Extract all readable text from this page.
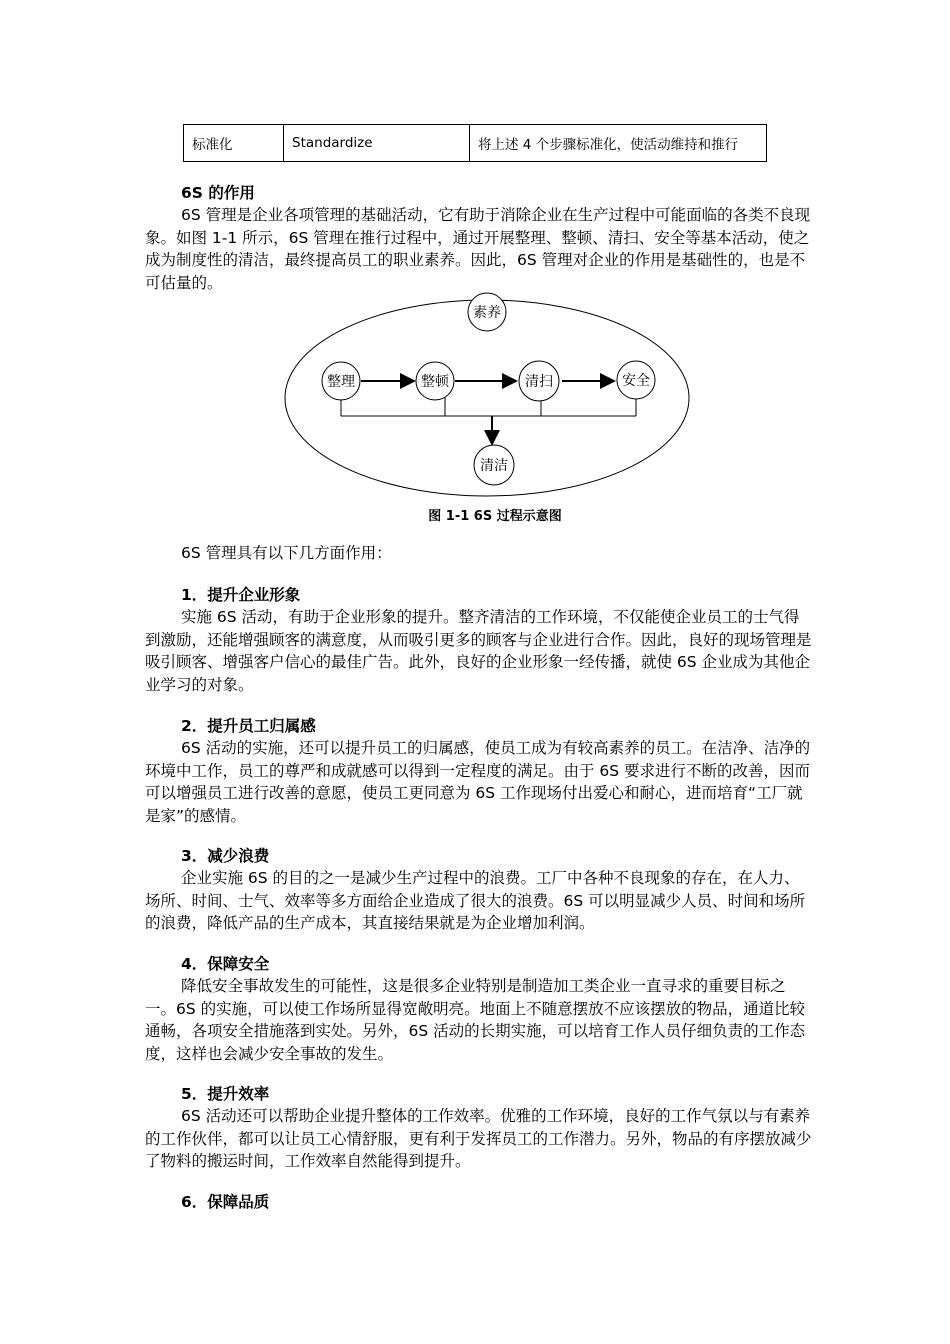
标准化	Standardize	将上述 4 个步骤标准化，使活动维持和推行
6S 的作用

6S 管理是企业各项管理的基础活动，它有助于消除企业在生产过程中可能面临的各类不良现象。如图 1-1 所示，6S 管理在推行过程中，通过开展整理、整顿、清扫、安全等基本活动，使之成为制度性的清洁，最终提高员工的职业素养。因此，6S 管理对企业的作用是基础性的，也是不可估量的。

素养
整理	整顿	清扫	安全
清洁
图 1-1 6S 过程示意图

6S 管理具有以下几方面作用：

1．提升企业形象

实施 6S 活动，有助于企业形象的提升。整齐清洁的工作环境，不仅能使企业员工的士气得到激励，还能增强顾客的满意度，从而吸引更多的顾客与企业进行合作。因此，良好的现场管理是吸引顾客、增强客户信心的最佳广告。此外，良好的企业形象一经传播，就使 6S 企业成为其他企业学习的对象。

2．提升员工归属感

6S 活动的实施，还可以提升员工的归属感，使员工成为有较高素养的员工。在洁净、洁净的环境中工作，员工的尊严和成就感可以得到一定程度的满足。由于 6S 要求进行不断的改善，因而可以增强员工进行改善的意愿，使员工更同意为 6S 工作现场付出爱心和耐心，进而培育“工厂就是家”的感情。

3．减少浪费

企业实施 6S 的目的之一是减少生产过程中的浪费。工厂中各种不良现象的存在，在人力、场所、时间、士气、效率等多方面给企业造成了很大的浪费。6S 可以明显减少人员、时间和场所的浪费，降低产品的生产成本，其直接结果就是为企业增加利润。

4．保障安全

降低安全事故发生的可能性，这是很多企业特别是制造加工类企业一直寻求的重要目标之一。6S 的实施，可以使工作场所显得宽敞明亮。地面上不随意摆放不应该摆放的物品，通道比较通畅，各项安全措施落到实处。另外，6S 活动的长期实施，可以培育工作人员仔细负责的工作态度，这样也会减少安全事故的发生。

5．提升效率

6S 活动还可以帮助企业提升整体的工作效率。优雅的工作环境，良好的工作气氛以与有素养的工作伙伴，都可以让员工心情舒服，更有利于发挥员工的工作潜力。另外，物品的有序摆放减少了物料的搬运时间，工作效率自然能得到提升。

6．保障品质
